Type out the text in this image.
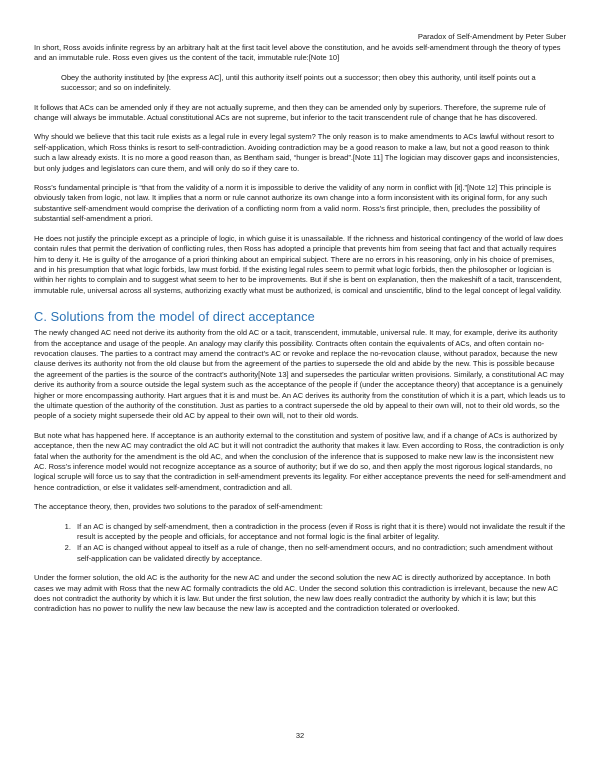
Paradox of Self-Amendment by Peter Suber

In short, Ross avoids infinite regress by an arbitrary halt at the first tacit level above the constitution, and he avoids self-amendment through the theory of types and an immutable rule. Ross even gives us the content of the tacit, immutable rule:[Note 10]

Obey the authority instituted by [the express AC], until this authority itself points out a successor; then obey this authority, until itself points out a successor; and so on indefinitely.

It follows that ACs can be amended only if they are not actually supreme, and then they can be amended only by superiors. Therefore, the supreme rule of change will always be immutable. Actual constitutional ACs are not supreme, but inferior to the tacit transcendent rule of change that he has discovered.

Why should we believe that this tacit rule exists as a legal rule in every legal system? The only reason is to make amendments to ACs lawful without resort to self-application, which Ross thinks is resort to self-contradiction. Avoiding contradiction may be a good reason to make a law, but not a good reason to think such a law already exists. It is no more a good reason than, as Bentham said, “hunger is bread”.[Note 11] The logician may discover gaps and inconsistencies, but only judges and legislators can cure them, and will only do so if they care to.

Ross’s fundamental principle is “that from the validity of a norm it is impossible to derive the validity of any norm in conflict with [it].”[Note 12] This principle is obviously taken from logic, not law. It implies that a norm or rule cannot authorize its own change into a form inconsistent with its original form, for any such substantive self-amendment would comprise the derivation of a conflicting norm from a valid norm. Ross’s first principle, then, precludes the possibility of substantial self-amendment a priori.

He does not justify the principle except as a principle of logic, in which guise it is unassailable. If the richness and historical contingency of the world of law does contain rules that permit the derivation of conflicting rules, then Ross has adopted a principle that prevents him from seeing that fact and that actually requires him to deny it. He is guilty of the arrogance of a priori thinking about an empirical subject. There are no errors in his reasoning, only in his choice of premises, and in his presumption that what logic forbids, law must forbid. If the existing legal rules seem to permit what logic forbids, then the philosopher or logician is within her rights to complain and to suggest what seem to her to be improvements. But if she is bent on explanation, then the makeshift of a tacit, transcendent, immutable rule, universal across all systems, authorizing exactly what must be authorized, is comical and unscientific, blind to the legal concept of legal validity.

C. Solutions from the model of direct acceptance

The newly changed AC need not derive its authority from the old AC or a tacit, transcendent, immutable, universal rule. It may, for example, derive its authority from the acceptance and usage of the people. An analogy may clarify this possibility. Contracts often contain the equivalents of ACs, and often contain no-revocation clauses. The parties to a contract may amend the contract’s AC or revoke and replace the no-revocation clause, without paradox, because the new clause derives its authority not from the old clause but from the agreement of the parties to supersede the old and abide by the new. This is possible because the agreement of the parties is the source of the contract’s authority[Note 13] and supersedes the particular written provisions. Similarly, a constitutional AC may derive its authority from a source outside the legal system such as the acceptance of the people if (under the acceptance theory) that acceptance is a genuinely higher or more encompassing authority. Hart argues that it is and must be. An AC derives its authority from the constitution of which it is a part, which leads us to the ultimate question of the authority of the constitution. Just as parties to a contract supersede the old by appeal to their own will, not to their old words, so the people of a society might supersede their old AC by appeal to their own will, not to their old words.

But note what has happened here. If acceptance is an authority external to the constitution and system of positive law, and if a change of ACs is authorized by acceptance, then the new AC may contradict the old AC but it will not contradict the authority that makes it law. Even according to Ross, the contradiction is only fatal when the authority for the amendment is the old AC, and when the conclusion of the inference that is supposed to make new law is the inconsistent new AC. Ross’s inference model would not recognize acceptance as a source of authority; but if we do so, and then apply the most rigorous logical standards, no logical scruple will force us to say that the contradiction in self-amendment prevents its legality. For either acceptance prevents the need for self-amendment and hence contradiction, or else it validates self-amendment, contradiction and all.

The acceptance theory, then, provides two solutions to the paradox of self-amendment:

1. If an AC is changed by self-amendment, then a contradiction in the process (even if Ross is right that it is there) would not invalidate the result if the result is accepted by the people and officials, for acceptance and not formal logic is the final arbiter of legality.
2. If an AC is changed without appeal to itself as a rule of change, then no self-amendment occurs, and no contradiction; such amendment without self-application can be validated directly by acceptance.

Under the former solution, the old AC is the authority for the new AC and under the second solution the new AC is directly authorized by acceptance. In both cases we may admit with Ross that the new AC formally contradicts the old AC. Under the second solution this contradiction is irrelevant, because the new AC does not contradict the authority by which it is law. But under the first solution, the new law does really contradict the authority by which it is law; but this contradiction has no power to nullify the new law because the new law is accepted and the contradiction tolerated or overlooked.

32
